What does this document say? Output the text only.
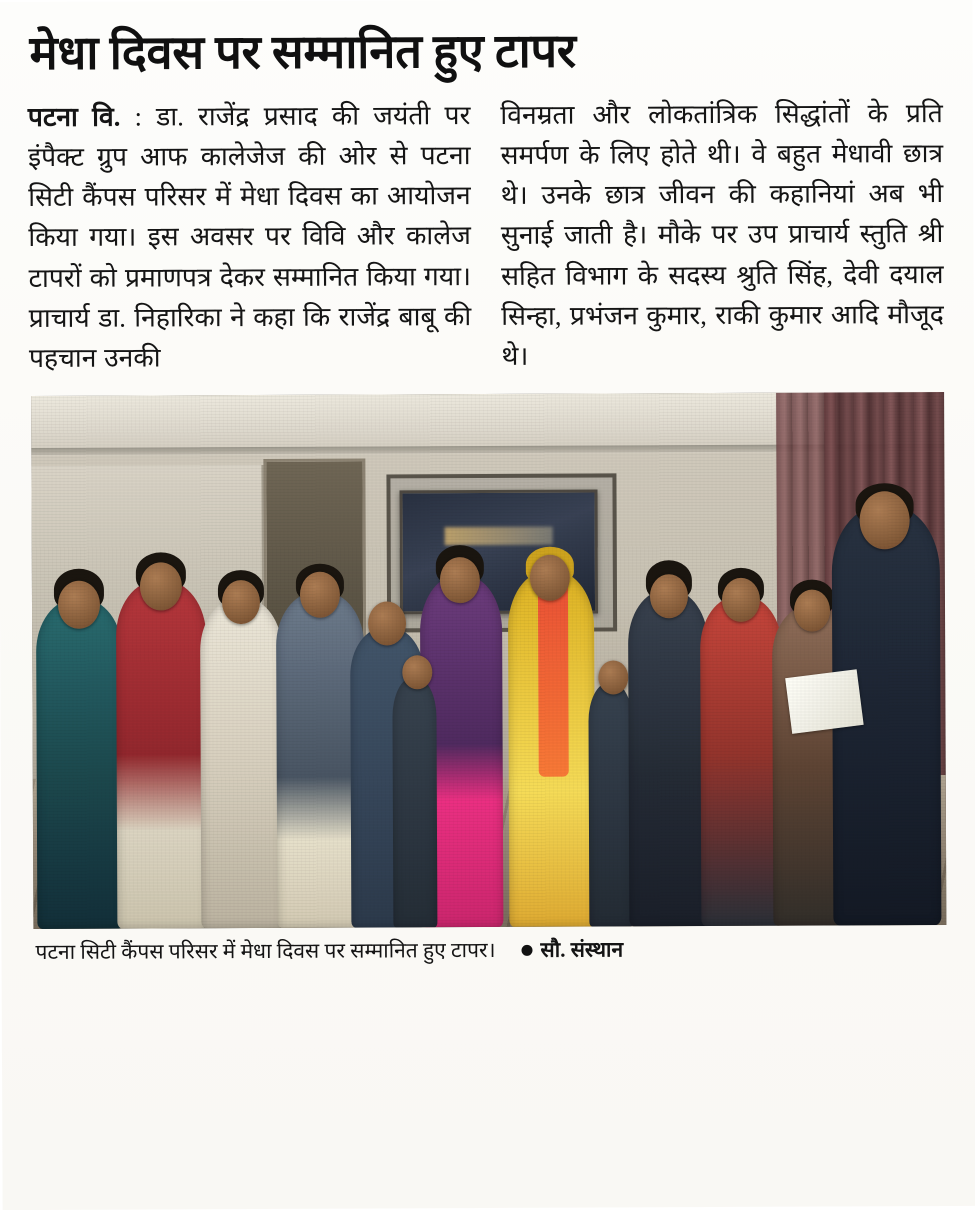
मेधा दिवस पर सम्मानित हुए टापर

पटना वि. : डा. राजेंद्र प्रसाद की जयंती पर इंपैक्ट ग्रुप आफ कालेजेज की ओर से पटना सिटी कैंपस परिसर में मेधा दिवस का आयोजन किया गया। इस अवसर पर विवि और कालेज टापरों को प्रमाणपत्र देकर सम्मानित किया गया। प्राचार्य डा. निहारिका ने कहा कि राजेंद्र बाबू की पहचान उनकी

विनम्रता और लोकतांत्रिक सिद्धांतों के प्रति समर्पण के लिए होते थी। वे बहुत मेधावी छात्र थे। उनके छात्र जीवन की कहानियां अब भी सुनाई जाती है। मौके पर उप प्राचार्य स्तुति श्री सहित विभाग के सदस्य श्रुति सिंह, देवी दयाल सिन्हा, प्रभंजन कुमार, राकी कुमार आदि मौजूद थे।

पटना सिटी कैंपस परिसर में मेधा दिवस पर सम्मानित हुए टापर। सौ. संस्थान
